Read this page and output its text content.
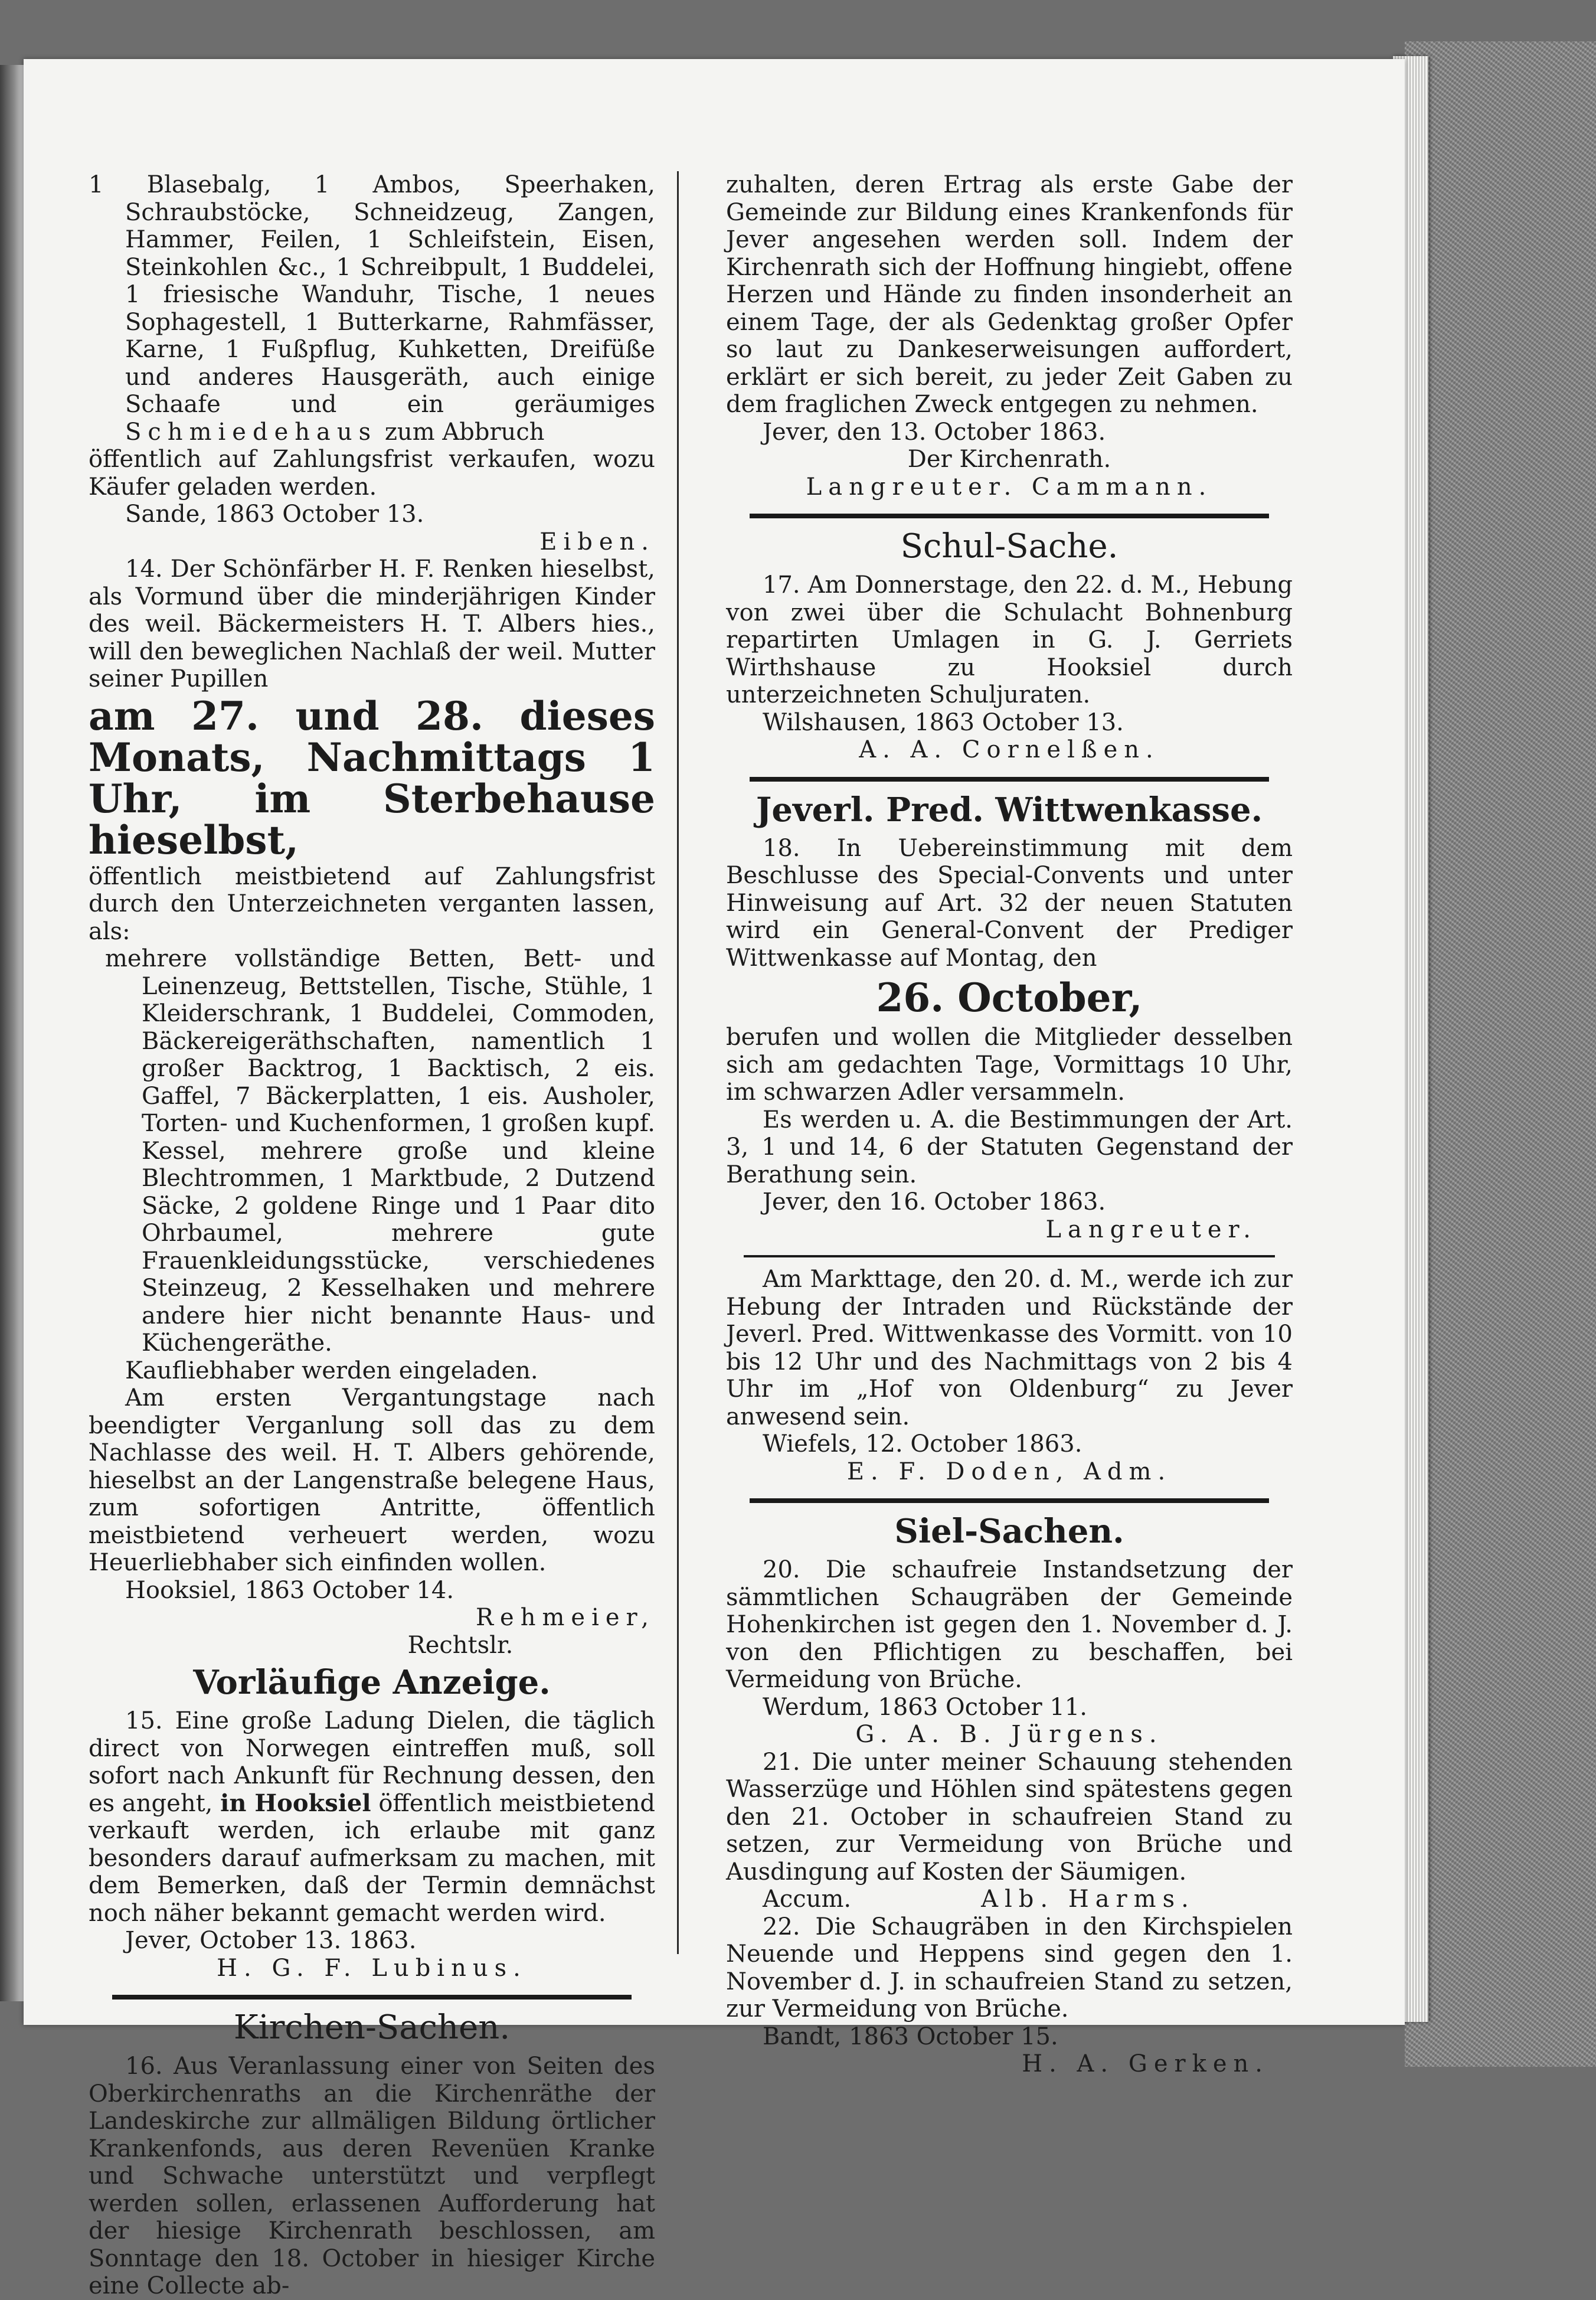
1 Blasebalg, 1 Ambos, Speerhaken, Schraubstöcke, Schneidzeug, Zangen, Hammer, Feilen, 1 Schleifstein, Eisen, Steinkohlen &c., 1 Schreibpult, 1 Buddelei, 1 friesische Wanduhr, Tische, 1 neues Sophagestell, 1 Butterkarne, Rahmfässer, Karne, 1 Fußpflug, Kuhketten, Dreifüße und anderes Hausgeräth, auch einige Schaafe und ein geräumiges Schmiedehaus zum Abbruch

öffentlich auf Zahlungsfrist verkaufen, wozu Käufer geladen werden.

Sande, 1863 October 13.

Eiben.

14. Der Schönfärber H. F. Renken hieselbst, als Vormund über die minderjährigen Kinder des weil. Bäckermeisters H. T. Albers hies., will den beweglichen Nachlaß der weil. Mutter seiner Pupillen

am 27. und 28. dieses Monats, Nachmittags 1 Uhr, im Sterbehause hieselbst,

öffentlich meistbietend auf Zahlungsfrist durch den Unterzeichneten verganten lassen, als:

mehrere vollständige Betten, Bett- und Leinenzeug, Bettstellen, Tische, Stühle, 1 Kleiderschrank, 1 Buddelei, Commoden, Bäckereigeräthschaften, namentlich 1 großer Backtrog, 1 Backtisch, 2 eis. Gaffel, 7 Bäckerplatten, 1 eis. Ausholer, Torten- und Kuchenformen, 1 großen kupf. Kessel, mehrere große und kleine Blechtrommen, 1 Marktbude, 2 Dutzend Säcke, 2 goldene Ringe und 1 Paar dito Ohrbaumel, mehrere gute Frauenkleidungsstücke, verschiedenes Steinzeug, 2 Kesselhaken und mehrere andere hier nicht benannte Haus- und Küchengeräthe.

Kaufliebhaber werden eingeladen.

Am ersten Vergantungstage nach beendigter Verganlung soll das zu dem Nachlasse des weil. H. T. Albers gehörende, hieselbst an der Langenstraße belegene Haus, zum sofortigen Antritte, öffentlich meistbietend verheuert werden, wozu Heuerliebhaber sich einfinden wollen.

Hooksiel, 1863 October 14.

Rehmeier,

Rechtslr.

Vorläufige Anzeige.

15. Eine große Ladung Dielen, die täglich direct von Norwegen eintreffen muß, soll sofort nach Ankunft für Rechnung dessen, den es angeht, in Hooksiel öffentlich meistbietend verkauft werden, ich erlaube mit ganz besonders darauf aufmerksam zu machen, mit dem Bemerken, daß der Termin demnächst noch näher bekannt gemacht werden wird.

Jever, October 13. 1863.

H. G. F. Lubinus.

Kirchen-Sachen.

16. Aus Veranlassung einer von Seiten des Oberkirchenraths an die Kirchenräthe der Landeskirche zur allmäligen Bildung örtlicher Krankenfonds, aus deren Revenüen Kranke und Schwache unterstützt und verpflegt werden sollen, erlassenen Aufforderung hat der hiesige Kirchenrath beschlossen, am Sonntage den 18. October in hiesiger Kirche eine Collecte ab-

zuhalten, deren Ertrag als erste Gabe der Gemeinde zur Bildung eines Krankenfonds für Jever angesehen werden soll. Indem der Kirchenrath sich der Hoffnung hingiebt, offene Herzen und Hände zu finden insonderheit an einem Tage, der als Gedenktag großer Opfer so laut zu Dankeserweisungen auffordert, erklärt er sich bereit, zu jeder Zeit Gaben zu dem fraglichen Zweck entgegen zu nehmen.

Jever, den 13. October 1863.

Der Kirchenrath.

Langreuter. Cammann.

Schul-Sache.

17. Am Donnerstage, den 22. d. M., Hebung von zwei über die Schulacht Bohnenburg repartirten Umlagen in G. J. Gerriets Wirthshause zu Hooksiel durch unterzeichneten Schuljuraten.

Wilshausen, 1863 October 13.

A. A. Cornelßen.

Jeverl. Pred. Wittwenkasse.

18. In Uebereinstimmung mit dem Beschlusse des Special-Convents und unter Hinweisung auf Art. 32 der neuen Statuten wird ein General-Convent der Prediger Wittwenkasse auf Montag, den

26. October,

berufen und wollen die Mitglieder desselben sich am gedachten Tage, Vormittags 10 Uhr, im schwarzen Adler versammeln.

Es werden u. A. die Bestimmungen der Art. 3, 1 und 14, 6 der Statuten Gegenstand der Berathung sein.

Jever, den 16. October 1863.

Langreuter.

Am Markttage, den 20. d. M., werde ich zur Hebung der Intraden und Rückstände der Jeverl. Pred. Wittwenkasse des Vormitt. von 10 bis 12 Uhr und des Nachmittags von 2 bis 4 Uhr im „Hof von Oldenburg“ zu Jever anwesend sein.

Wiefels, 12. October 1863.

E. F. Doden, Adm.

Siel-Sachen.

20. Die schaufreie Instandsetzung der sämmtlichen Schaugräben der Gemeinde Hohenkirchen ist gegen den 1. November d. J. von den Pflichtigen zu beschaffen, bei Vermeidung von Brüche.

Werdum, 1863 October 11.

G. A. B. Jürgens.

21. Die unter meiner Schauung stehenden Wasserzüge und Höhlen sind spätestens gegen den 21. October in schaufreien Stand zu setzen, zur Vermeidung von Brüche und Ausdingung auf Kosten der Säumigen.

Accum.	Alb. Harms.

22. Die Schaugräben in den Kirchspielen Neuende und Heppens sind gegen den 1. November d. J. in schaufreien Stand zu setzen, zur Vermeidung von Brüche.

Bandt, 1863 October 15.

H. A. Gerken.
